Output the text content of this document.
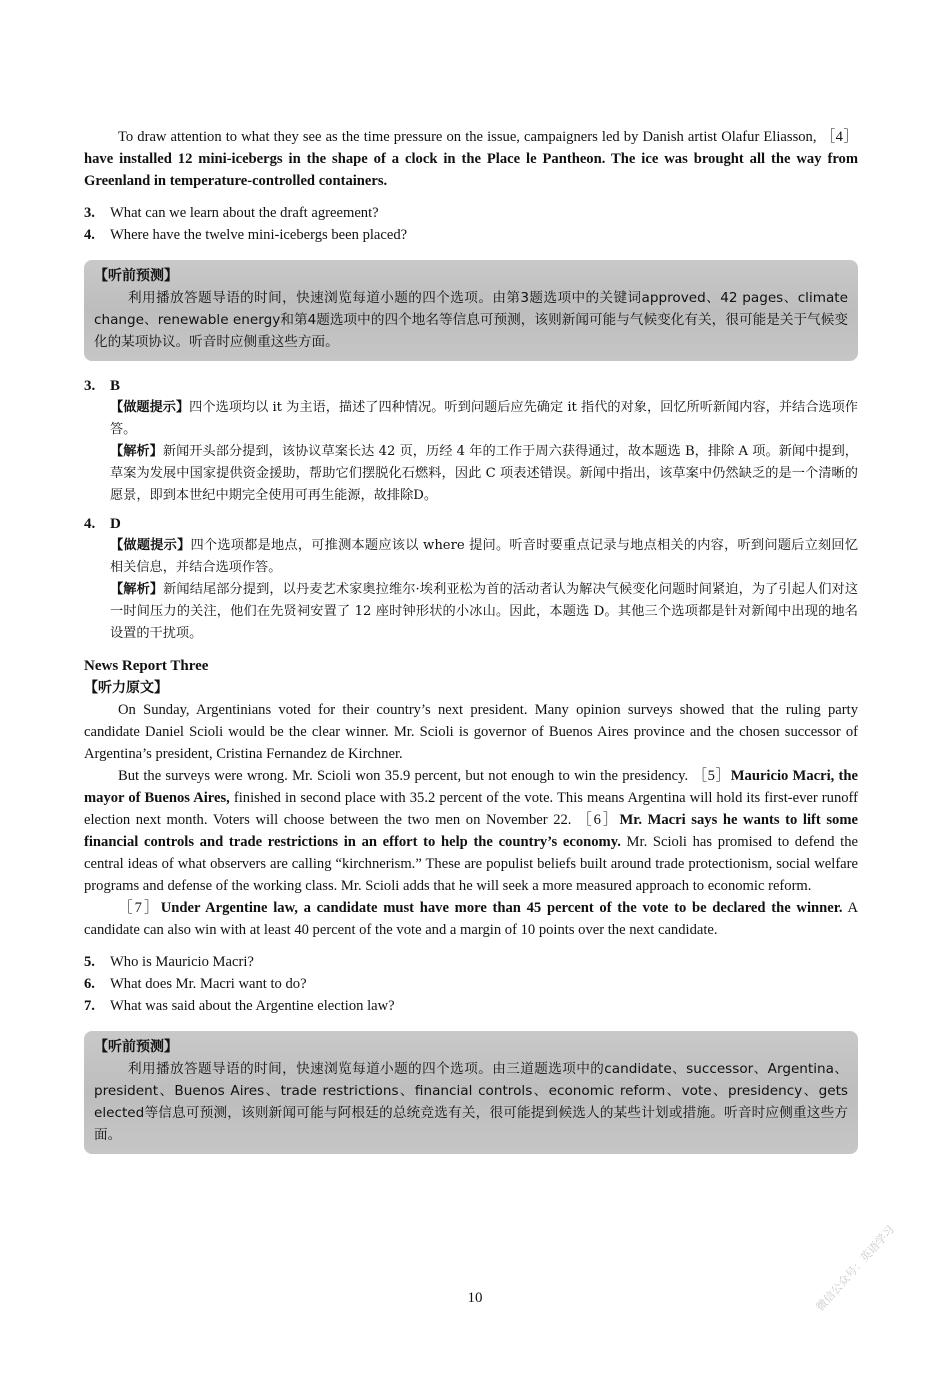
To draw attention to what they see as the time pressure on the issue, campaigners led by Danish artist Olafur Eliasson, ［4］have installed 12 mini-icebergs in the shape of a clock in the Place le Pantheon. The ice was brought all the way from Greenland in temperature-controlled containers.

3. What can we learn about the draft agreement?
4. Where have the twelve mini-icebergs been placed?
【听前预测】
利用播放答题导语的时间，快速浏览每道小题的四个选项。由第3题选项中的关键词approved、42 pages、climate change、renewable energy和第4题选项中的四个地名等信息可预测，该则新闻可能与气候变化有关，很可能是关于气候变化的某项协议。听音时应侧重这些方面。
3. B
【做题提示】四个选项均以 it 为主语，描述了四种情况。听到问题后应先确定 it 指代的对象，回忆所听新闻内容，并结合选项作答。
【解析】新闻开头部分提到，该协议草案长达 42 页，历经 4 年的工作于周六获得通过，故本题选 B，排除 A 项。新闻中提到，草案为发展中国家提供资金援助，帮助它们摆脱化石燃料，因此 C 项表述错误。新闻中指出，该草案中仍然缺乏的是一个清晰的愿景，即到本世纪中期完全使用可再生能源，故排除D。
4. D
【做题提示】四个选项都是地点，可推测本题应该以 where 提问。听音时要重点记录与地点相关的内容，听到问题后立刻回忆相关信息，并结合选项作答。
【解析】新闻结尾部分提到，以丹麦艺术家奥拉维尔·埃利亚松为首的活动者认为解决气候变化问题时间紧迫，为了引起人们对这一时间压力的关注，他们在先贤祠安置了 12 座时钟形状的小冰山。因此，本题选 D。其他三个选项都是针对新闻中出现的地名设置的干扰项。
News Report Three
【听力原文】

On Sunday, Argentinians voted for their country’s next president. Many opinion surveys showed that the ruling party candidate Daniel Scioli would be the clear winner. Mr. Scioli is governor of Buenos Aires province and the chosen successor of Argentina’s president, Cristina Fernandez de Kirchner.

But the surveys were wrong. Mr. Scioli won 35.9 percent, but not enough to win the presidency. ［5］Mauricio Macri, the mayor of Buenos Aires, finished in second place with 35.2 percent of the vote. This means Argentina will hold its first-ever runoff election next month. Voters will choose between the two men on November 22. ［6］Mr. Macri says he wants to lift some financial controls and trade restrictions in an effort to help the country’s economy. Mr. Scioli has promised to defend the central ideas of what observers are calling “kirchnerism.” These are populist beliefs built around trade protectionism, social welfare programs and defense of the working class. Mr. Scioli adds that he will seek a more measured approach to economic reform.

［7］Under Argentine law, a candidate must have more than 45 percent of the vote to be declared the winner. A candidate can also win with at least 40 percent of the vote and a margin of 10 points over the next candidate.

5. Who is Mauricio Macri?
6. What does Mr. Macri want to do?
7. What was said about the Argentine election law?
【听前预测】
利用播放答题导语的时间，快速浏览每道小题的四个选项。由三道题选项中的candidate、successor、Argentina、president、Buenos Aires、trade restrictions、financial controls、economic reform、vote、presidency、gets elected等信息可预测，该则新闻可能与阿根廷的总统竞选有关，很可能提到候选人的某些计划或措施。听音时应侧重这些方面。
10	微信公众号：英语学习
